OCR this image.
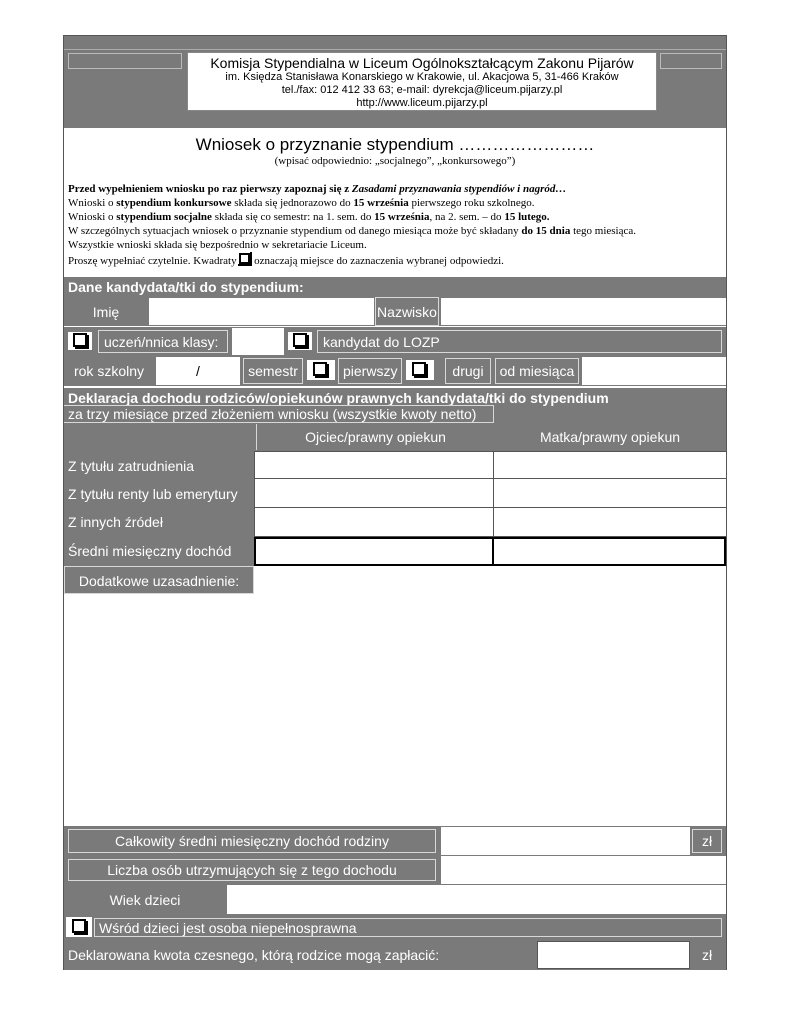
Komisja Stypendialna w Liceum Ogólnokształcącym Zakonu Pijarów
im. Księdza Stanisława Konarskiego w Krakowie, ul. Akacjowa 5, 31-466 Kraków
tel./fax: 012 412 33 63; e-mail: dyrekcja@liceum.pijarzy.pl
http://www.liceum.pijarzy.pl
Wniosek o przyznanie stypendium ……………………
(wpisać odpowiednio: „socjalnego”, „konkursowego”)
Przed wypełnieniem wniosku po raz pierwszy zapoznaj się z Zasadami przyznawania stypendiów i nagród…
Wnioski o stypendium konkursowe składa się jednorazowo do 15 września pierwszego roku szkolnego.
Wnioski o stypendium socjalne składa się co semestr: na 1. sem. do 15 września, na 2. sem. – do 15 lutego.
W szczególnych sytuacjach wniosek o przyznanie stypendium od danego miesiąca może być składany do 15 dnia tego miesiąca.
Wszystkie wnioski składa się bezpośrednio w sekretariacie Liceum.
Proszę wypełniać czytelnie. Kwadraty
oznaczają miejsce do zaznaczenia wybranej odpowiedzi.
Dane kandydata/tki do stypendium:
Imię	Nazwisko
uczeń/nnica klasy:	kandydat do LOZP
rok szkolny	/	semestr	pierwszy	drugi	od miesiąca
Deklaracja dochodu rodziców/opiekunów prawnych kandydata/tki do stypendium
za trzy miesiące przed złożeniem wniosku (wszystkie kwoty netto)
Ojciec/prawny opiekun	Matka/prawny opiekun
Z tytułu zatrudnienia
Z tytułu renty lub emerytury
Z innych źródeł
Średni miesięczny dochód
Dodatkowe uzasadnienie:
Całkowity średni miesięczny dochód rodziny	zł
Liczba osób utrzymujących się z tego dochodu
Wiek dzieci
Wśród dzieci jest osoba niepełnosprawna
Deklarowana kwota czesnego, którą rodzice mogą zapłacić:	zł
